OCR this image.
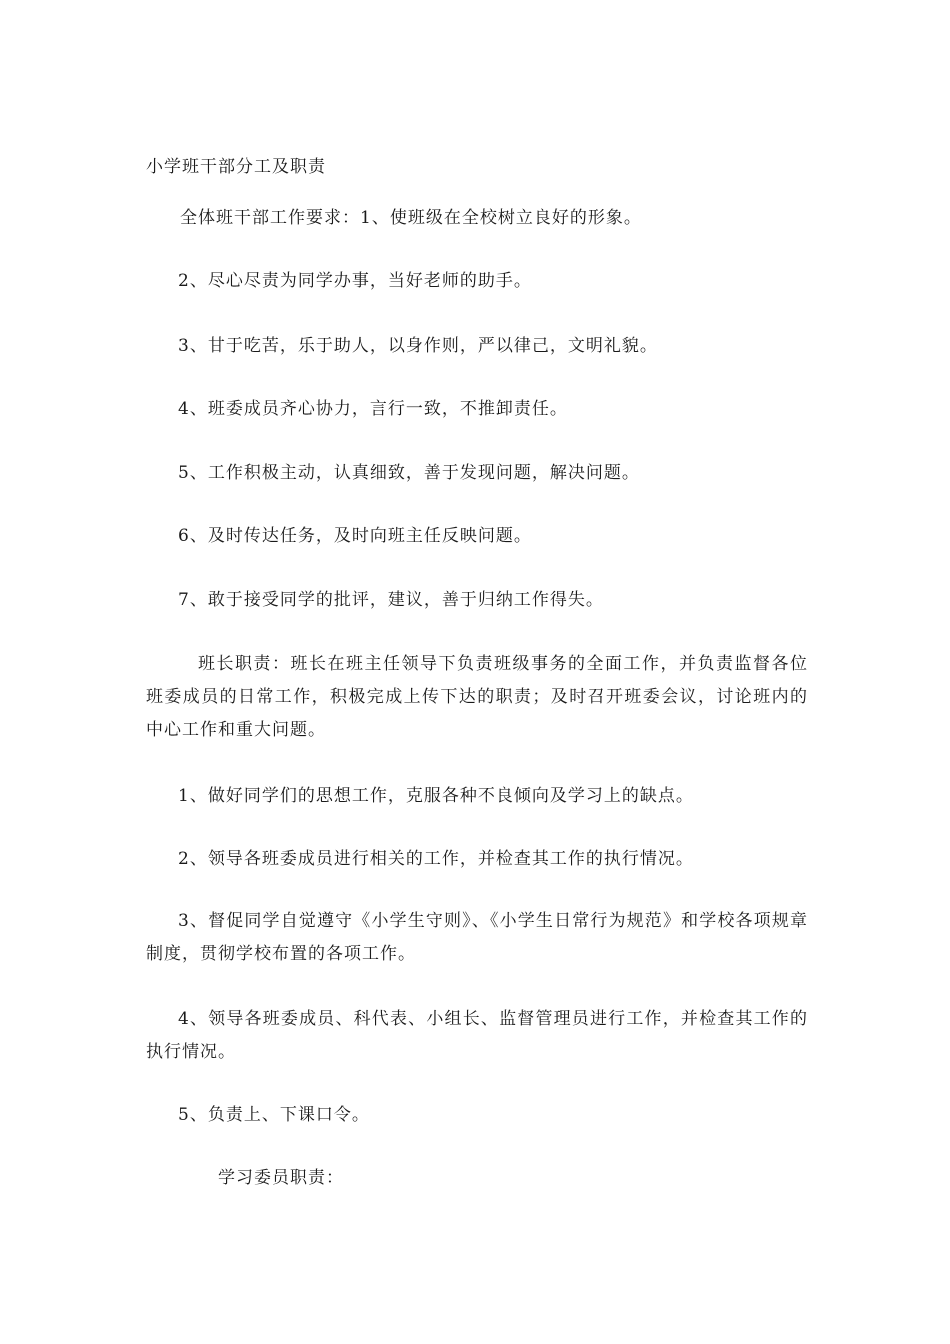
小学班干部分工及职责
全体班干部工作要求：1、使班级在全校树立良好的形象。
2、尽心尽责为同学办事，当好老师的助手。
3、甘于吃苦，乐于助人，以身作则，严以律己，文明礼貌。
4、班委成员齐心协力，言行一致，不推卸责任。
5、工作积极主动，认真细致，善于发现问题，解决问题。
6、及时传达任务，及时向班主任反映问题。
7、敢于接受同学的批评，建议，善于归纳工作得失。
班长职责：班长在班主任领导下负责班级事务的全面工作，并负责监督各位班委成员的日常工作，积极完成上传下达的职责；及时召开班委会议，讨论班内的中心工作和重大问题。
1、做好同学们的思想工作，克服各种不良倾向及学习上的缺点。
2、领导各班委成员进行相关的工作，并检查其工作的执行情况。
3、督促同学自觉遵守《小学生守则》、《小学生日常行为规范》和学校各项规章制度，贯彻学校布置的各项工作。
4、领导各班委成员、科代表、小组长、监督管理员进行工作，并检查其工作的执行情况。
5、负责上、下课口令。
学习委员职责：
